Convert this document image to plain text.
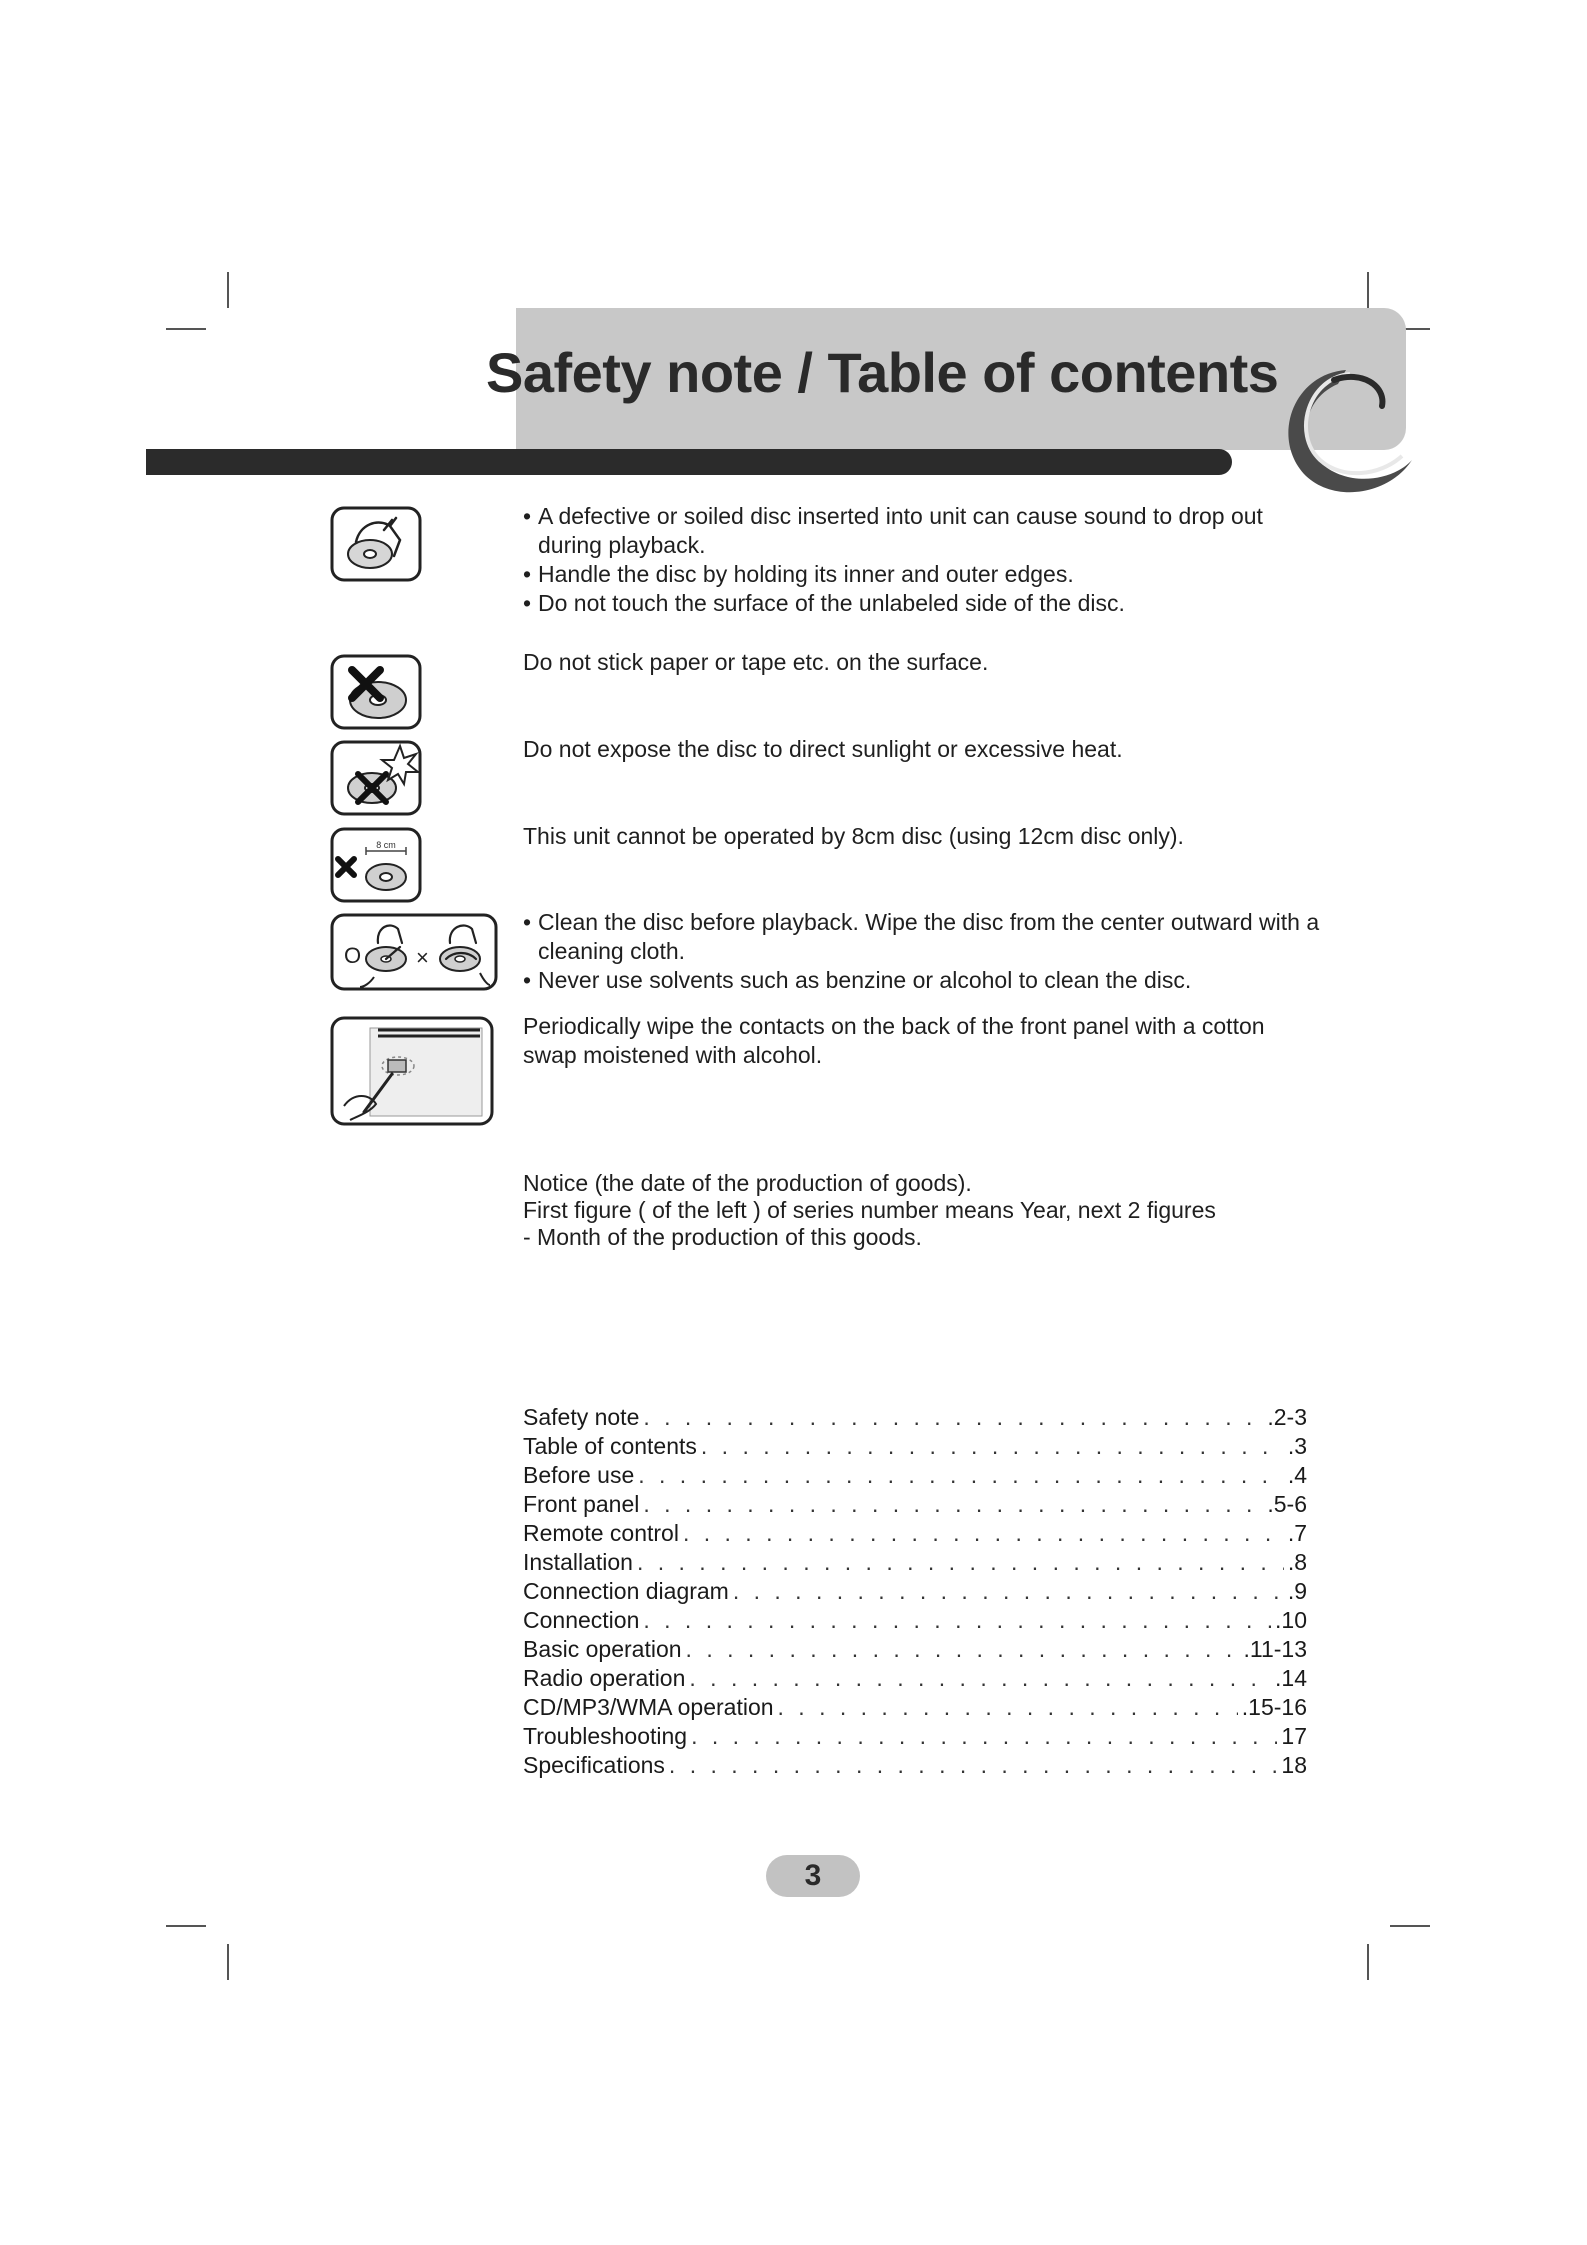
Safety note / Table of contents
8 cm
O ×
• A defective or soiled disc inserted into unit can cause sound to drop out during playback.
• Handle the disc by holding its inner and outer edges.
• Do not touch the surface of the unlabeled side of the disc.

Do not stick paper or tape etc. on the surface.

Do not expose the disc to direct sunlight or excessive heat.

This unit cannot be operated by 8cm disc (using 12cm disc only).

• Clean the disc before playback. Wipe the disc from the center outward with a cleaning cloth.
• Never use solvents such as benzine or alcohol to clean the disc.

Periodically wipe the contacts on the back of the front panel with a cotton swap moistened with alcohol.

Notice (the date of the production of goods).

First figure ( of the left ) of series number means Year, next 2 figures

- Month of the production of this goods.

Safety note . . .	.2-3
Table of contents . . .	.3
Before use . . .	.4
Front panel . . .	.5-6
Remote control . . .	.7
Installation . . .	.8
Connection diagram . . .	.9
Connection . . .	.10
Basic operation . . .	.11-13
Radio operation . . .	.14
CD/MP3/WMA operation . . .	.15-16
Troubleshooting . . .	17
Specifications . . .	18
3
